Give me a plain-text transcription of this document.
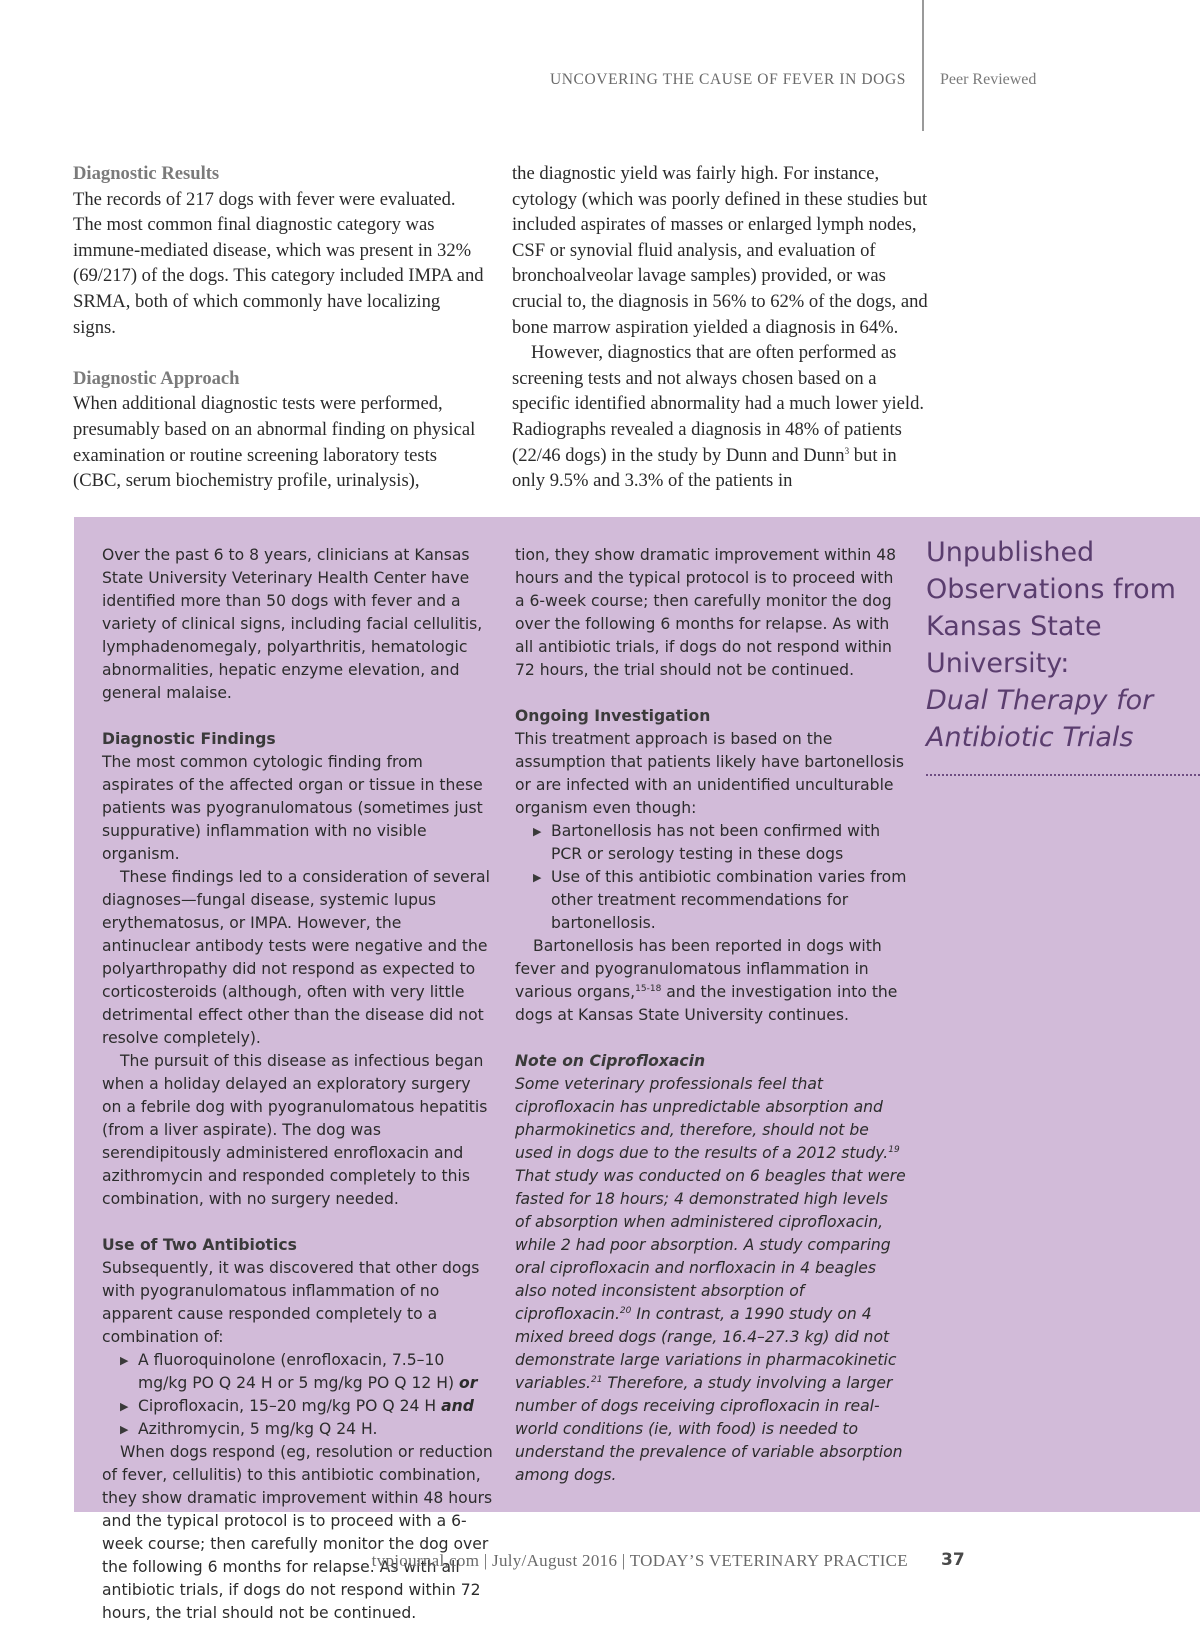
UNCOVERING THE CAUSE OF FEVER IN DOGS Peer Reviewed
Diagnostic Results

The records of 217 dogs with fever were evaluated. The most common final diagnostic category was immune-mediated disease, which was present in 32% (69/217) of the dogs. This category included IMPA and SRMA, both of which commonly have localizing signs.

Diagnostic Approach

When additional diagnostic tests were performed, presumably based on an abnormal finding on physical examination or routine screening laboratory tests (CBC, serum biochemistry profile, urinalysis),

the diagnostic yield was fairly high. For instance, cytology (which was poorly defined in these studies but included aspirates of masses or enlarged lymph nodes, CSF or synovial fluid analysis, and evaluation of bronchoalveolar lavage samples) provided, or was crucial to, the diagnosis in 56% to 62% of the dogs, and bone marrow aspiration yielded a diagnosis in 64%.

However, diagnostics that are often performed as screening tests and not always chosen based on a specific identified abnormality had a much lower yield. Radiographs revealed a diagnosis in 48% of patients (22/46 dogs) in the study by Dunn and Dunn$^3$ but in only 9.5% and 3.3% of the patients in

Over the past 6 to 8 years, clinicians at Kansas State University Veterinary Health Center have identified more than 50 dogs with fever and a variety of clinical signs, including facial cellulitis, lymphadenomegaly, polyarthritis, hematologic abnormalities, hepatic enzyme elevation, and general malaise.

Diagnostic Findings

The most common cytologic finding from aspirates of the affected organ or tissue in these patients was pyogranulomatous (sometimes just suppurative) inflammation with no visible organism.

These findings led to a consideration of several diagnoses—fungal disease, systemic lupus erythematosus, or IMPA. However, the antinuclear antibody tests were negative and the polyarthropathy did not respond as expected to corticosteroids (although, often with very little detrimental effect other than the disease did not resolve completely).

The pursuit of this disease as infectious began when a holiday delayed an exploratory surgery on a febrile dog with pyogranulomatous hepatitis (from a liver aspirate). The dog was serendipitously administered enrofloxacin and azithromycin and responded completely to this combination, with no surgery needed.

Use of Two Antibiotics

Subsequently, it was discovered that other dogs with pyogranulomatous inflammation of no apparent cause responded completely to a combination of:

▶ A fluoroquinolone (enrofloxacin, 7.5–10 mg/kg PO Q 24 H or 5 mg/kg PO Q 12 H) or
▶ Ciprofloxacin, 15–20 mg/kg PO Q 24 H and
▶ Azithromycin, 5 mg/kg Q 24 H.

When dogs respond (eg, resolution or reduction of fever, cellulitis) to this antibiotic combination, they show dramatic improvement within 48 hours and the typical protocol is to proceed with a 6-week course; then carefully monitor the dog over the following 6 months for relapse. As with all antibiotic trials, if dogs do not respond within 72 hours, the trial should not be continued.

tion, they show dramatic improvement within 48 hours and the typical protocol is to proceed with a 6-week course; then carefully monitor the dog over the following 6 months for relapse. As with all antibiotic trials, if dogs do not respond within 72 hours, the trial should not be continued.

Ongoing Investigation

This treatment approach is based on the assumption that patients likely have bartonellosis or are infected with an unidentified unculturable organism even though:

▶ Bartonellosis has not been confirmed with PCR or serology testing in these dogs
▶ Use of this antibiotic combination varies from other treatment recommendations for bartonellosis.

Bartonellosis has been reported in dogs with fever and pyogranulomatous inflammation in various organs,$^{15-18}$ and the investigation into the dogs at Kansas State University continues.

Note on Ciprofloxacin

Some veterinary professionals feel that ciprofloxacin has unpredictable absorption and pharmokinetics and, therefore, should not be used in dogs due to the results of a 2012 study.$^{19}$ That study was conducted on 6 beagles that were fasted for 18 hours; 4 demonstrated high levels of absorption when administered ciprofloxacin, while 2 had poor absorption. A study comparing oral ciprofloxacin and norfloxacin in 4 beagles also noted inconsistent absorption of ciprofloxacin.$^{20}$ In contrast, a 1990 study on 4 mixed breed dogs (range, 16.4–27.3 kg) did not demonstrate large variations in pharmacokinetic variables.$^{21}$ Therefore, a study involving a larger number of dogs receiving ciprofloxacin in real-world conditions (ie, with food) is needed to understand the prevalence of variable absorption among dogs.

Unpublished Observations from Kansas State University:
Dual Therapy for Antibiotic Trials
tvpjournal.com | July/August 2016 | TODAY’S VETERINARY PRACTICE 37
